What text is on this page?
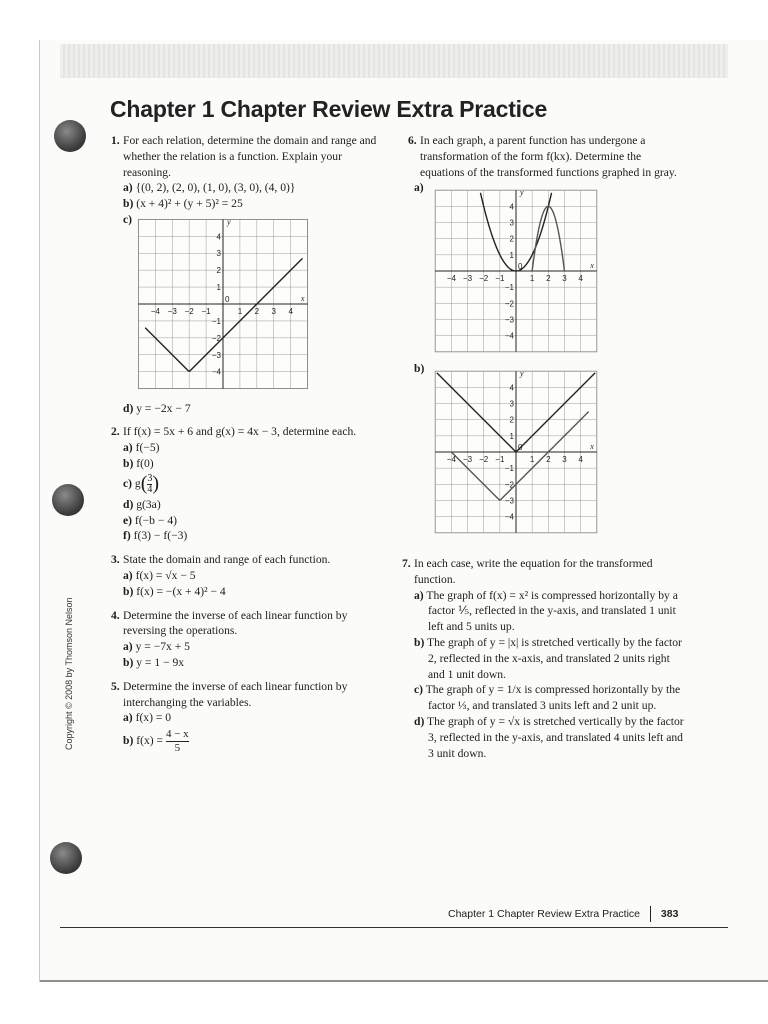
Chapter 1 Chapter Review Extra Practice
1. For each relation, determine the domain and range and whether the relation is a function. Explain your reasoning.

a) {(0, 2), (2, 0), (1, 0), (3, 0), (4, 0)}

b) (x + 4)² + (y + 5)² = 25

c)

−4 −3 −2 −1	1 2 3 4
4
3
2
1
−1
−2
−3
−4
0	x
y

d) y = −2x − 7

2. If f(x) = 5x + 6 and g(x) = 4x − 3, determine each.

a) f(−5)

b) f(0)

c) $g( \frac{3}{4}$ )

d) g(3a)

e) f(−b − 4)

f) f(3) − f(−3)

3. State the domain and range of each function.

a) f(x) = √x − 5

b) f(x) = −(x + 4)² − 4

4. Determine the inverse of each linear function by reversing the operations.

a) y = −7x + 5

b) y = 1 − 9x

5. Determine the inverse of each linear function by interchanging the variables.

a) f(x) = 0

b) $f(x) = \frac{4 - x}{5}$

6. In each graph, a parent function has undergone a transformation of the form f(kx). Determine the equations of the transformed functions graphed in gray.

a)

−4 −3 −2 −1	1 2 3 4
4
3
2
1
−1
−2
−3
−4
0	x
y

b)

−4 −3 −2 −1	1 2 3 4
4
3
2
1
−1
−2
−3
−4
0	x
y
7. In each case, write the equation for the transformed function.

a) The graph of f(x) = x² is compressed horizontally by a factor ⅕, reflected in the y-axis, and translated 1 unit left and 5 units up.

b) The graph of y = |x| is stretched vertically by the factor 2, reflected in the x-axis, and translated 2 units right and 1 unit down.

c) The graph of y = 1/x is compressed horizontally by the factor ⅓, and translated 3 units left and 2 unit up.

d) The graph of y = √x is stretched vertically by the factor 3, reflected in the y-axis, and translated 4 units left and 3 unit down.

Copyright © 2008 by Thomson Nelson
Chapter 1 Chapter Review Extra Practice 383
